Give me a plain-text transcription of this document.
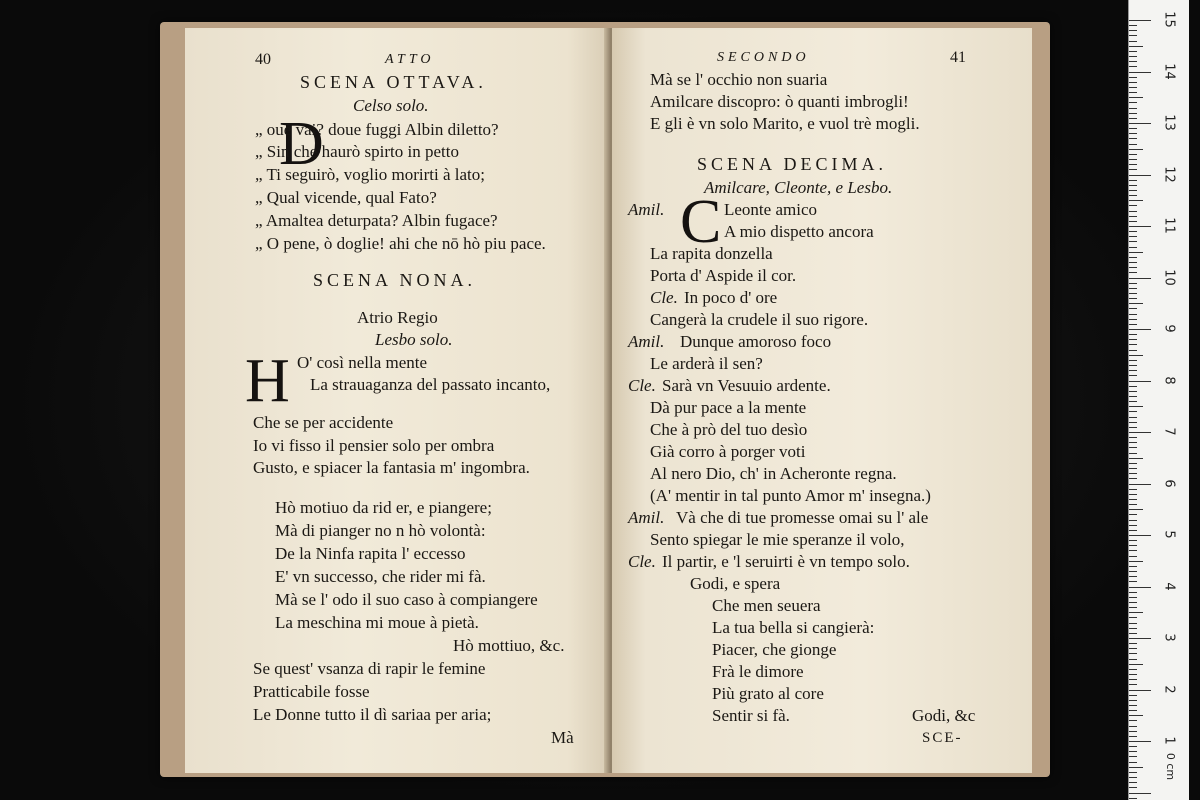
40	ATTO
SCENA OTTAVA.
Celso solo.
D
„ oue vai? doue fuggi Albin diletto?
„ Sin che haurò spirto in petto
„ Ti seguirò, voglio morirti à lato;
„ Qual vicende, qual Fato?
„ Amaltea deturpata? Albin fugace?
„ O pene, ò doglie! ahi che nō hò piu pace.
SCENA NONA.
Atrio Regio
Lesbo solo.
H O' così nella mente
La strauaganza del passato incanto,
Che se per accidente
Io vi fisso il pensier solo per ombra
Gusto, e spiacer la fantasia m' ingombra.
Hò motiuo da rid er, e piangere;
Mà di pianger no n hò volontà:
De la Ninfa rapita l' eccesso
E' vn successo, che rider mi fà.
Mà se l' odo il suo caso à compiangere
La meschina mi moue à pietà.
Hò mottiuo, &c.
Se quest' vsanza di rapir le femine
Pratticabile fosse
Le Donne tutto il dì sariaa per aria;
Mà
SECONDO	41
Mà se l' occhio non suaria
Amilcare discopro: ò quanti imbrogli!
E gli è vn solo Marito, e vuol trè mogli.
SCENA DECIMA.
Amilcare, Cleonte, e Lesbo.
Amil. C Leonte amico
A mio dispetto ancora
La rapita donzella
Porta d' Aspide il cor.
Cle. In poco d' ore
Cangerà la crudele il suo rigore.
Amil. Dunque amoroso foco
Le arderà il sen?
Cle. Sarà vn Vesuuio ardente.
Dà pur pace a la mente
Che à prò del tuo desìo
Già corro à porger voti
Al nero Dio, ch' in Acheronte regna.
(A' mentir in tal punto Amor m' insegna.)
Amil. Và che di tue promesse omai su l' ale
Sento spiegar le mie speranze il volo,
Cle. Il partir, e 'l seruirti è vn tempo solo.
Godi, e spera
Che men seuera
La tua bella si cangierà:
Piacer, che gionge
Frà le dimore
Più grato al core
Sentir si fà.	Godi, &c
SCE-
15
14
13
12
11
10
9
8
7
6
5
4
3
2
1
0 cm
